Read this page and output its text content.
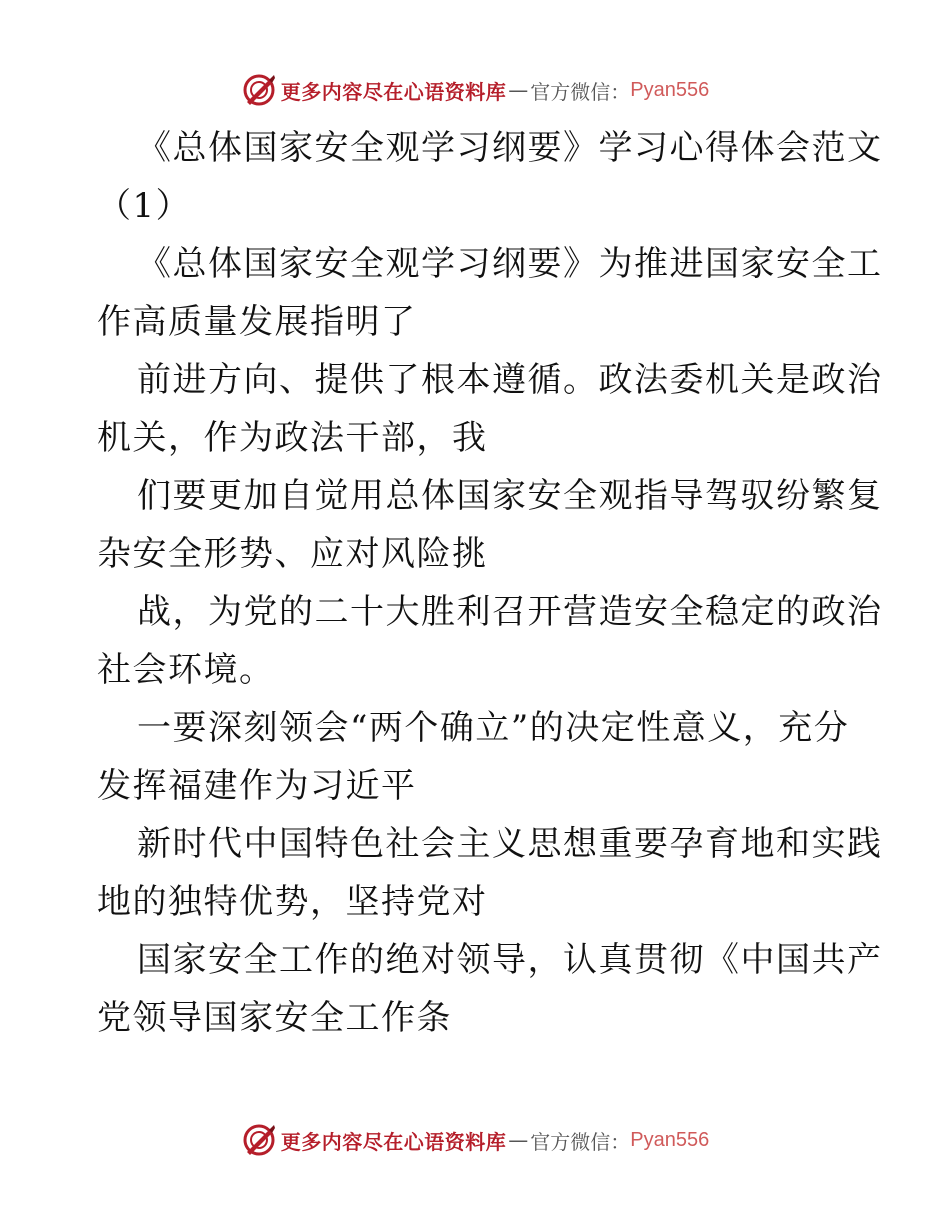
更多内容尽在心语资料库 — 官方微信： Pyan556
《总体国家安全观学习纲要》学习心得体会范文
（1）
《总体国家安全观学习纲要》为推进国家安全工
作高质量发展指明了
前进方向、提供了根本遵循。政法委机关是政治
机关，作为政法干部，我
们要更加自觉用总体国家安全观指导驾驭纷繁复
杂安全形势、应对风险挑
战，为党的二十大胜利召开营造安全稳定的政治
社会环境。
一要深刻领会“两个确立”的决定性意义，充分
发挥福建作为习近平
新时代中国特色社会主义思想重要孕育地和实践
地的独特优势，坚持党对
国家安全工作的绝对领导，认真贯彻《中国共产
党领导国家安全工作条
更多内容尽在心语资料库 — 官方微信： Pyan556
